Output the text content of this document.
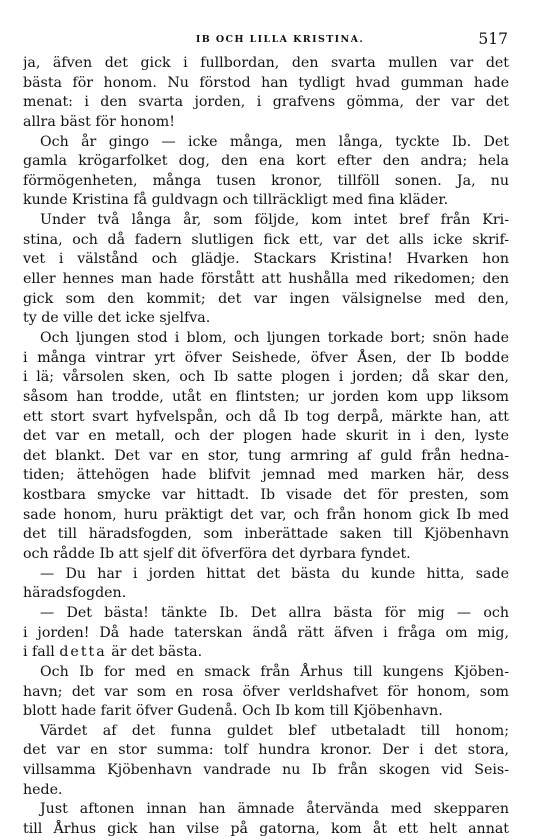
IB OCH LILLA KRISTINA.	517
ja, äfven det gick i fullbordan, den svarta mullen var det
bästa för honom. Nu förstod han tydligt hvad gumman hade
menat: i den svarta jorden, i grafvens gömma, der var det
allra bäst för honom!
Och år gingo — icke många, men långa, tyckte Ib. Det
gamla krögarfolket dog, den ena kort efter den andra; hela
förmögenheten, många tusen kronor, tillföll sonen. Ja, nu
kunde Kristina få guldvagn och tillräckligt med fina kläder.
Under två långa år, som följde, kom intet bref från Kri-
stina, och då fadern slutligen fick ett, var det alls icke skrif-
vet i välstånd och glädje. Stackars Kristina! Hvarken hon
eller hennes man hade förstått att hushålla med rikedomen; den
gick som den kommit; det var ingen välsignelse med den,
ty de ville det icke sjelfva.
Och ljungen stod i blom, och ljungen torkade bort; snön hade
i många vintrar yrt öfver Seishede, öfver Åsen, der Ib bodde
i lä; vårsolen sken, och Ib satte plogen i jorden; då skar den,
såsom han trodde, utåt en flintsten; ur jorden kom upp liksom
ett stort svart hyfvelspån, och då Ib tog derpå, märkte han, att
det var en metall, och der plogen hade skurit in i den, lyste
det blankt. Det var en stor, tung armring af guld från hedna-
tiden; ättehögen hade blifvit jemnad med marken här, dess
kostbara smycke var hittadt. Ib visade det för presten, som
sade honom, huru präktigt det var, och från honom gick Ib med
det till häradsfogden, som inberättade saken till Kjöbenhavn
och rådde Ib att sjelf dit öfverföra det dyrbara fyndet.
— Du har i jorden hittat det bästa du kunde hitta, sade
häradsfogden.
— Det bästa! tänkte Ib. Det allra bästa för mig — och
i jorden! Då hade taterskan ändå rätt äfven i fråga om mig,
i fall detta är det bästa.
Och Ib for med en smack från Århus till kungens Kjöben-
havn; det var som en rosa öfver verldshafvet för honom, som
blott hade farit öfver Gudenå. Och Ib kom till Kjöbenhavn.
Värdet af det funna guldet blef utbetaladt till honom;
det var en stor summa: tolf hundra kronor. Der i det stora,
villsamma Kjöbenhavn vandrade nu Ib från skogen vid Seis-
hede.
Just aftonen innan han ämnade återvända med skepparen
till Århus gick han vilse på gatorna, kom åt ett helt annat
